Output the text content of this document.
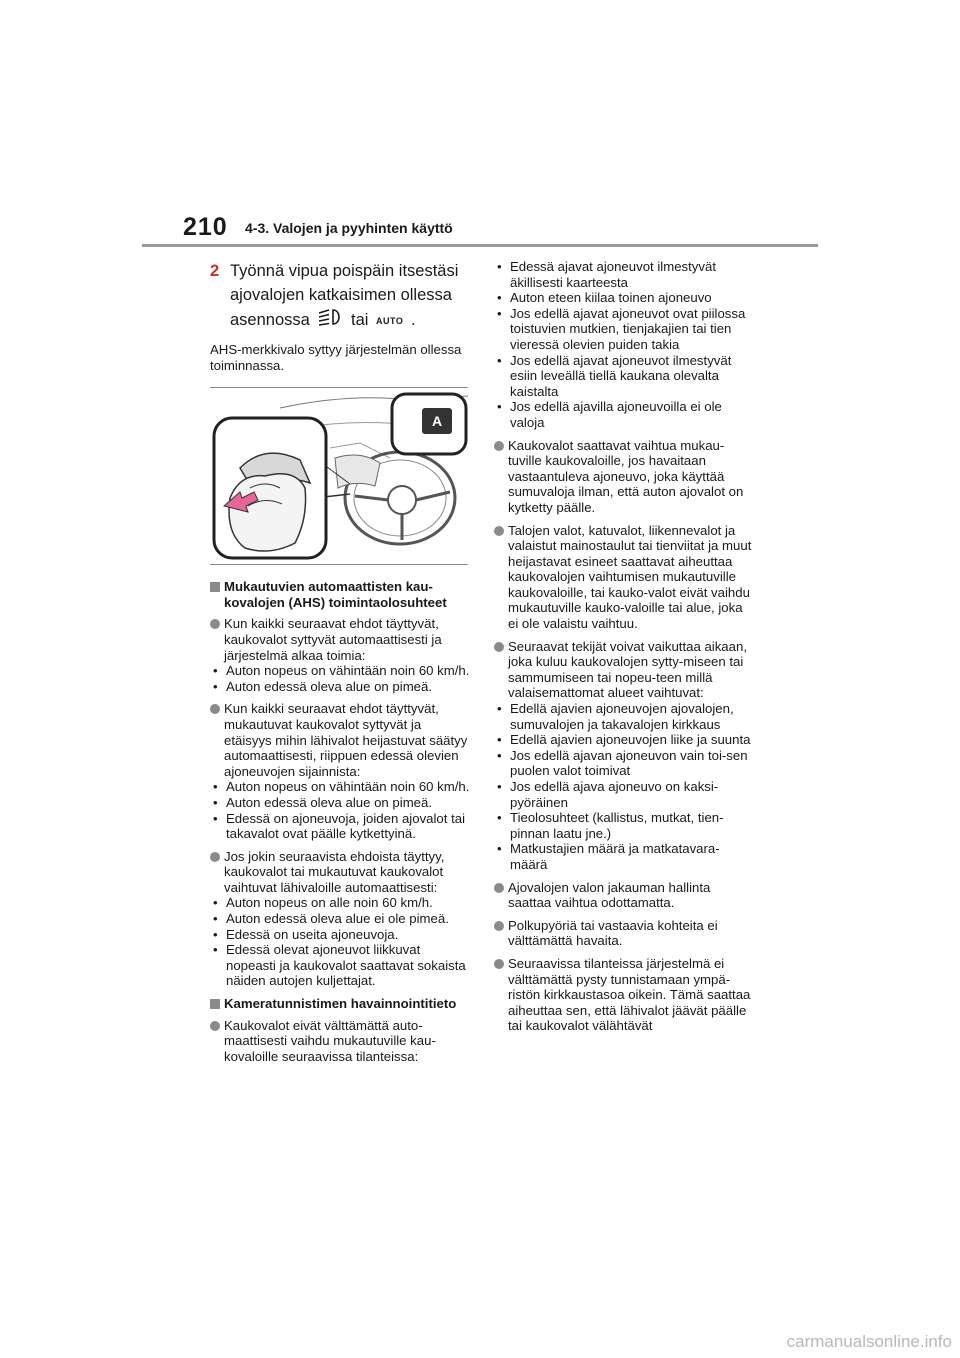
210 4-3. Valojen ja pyyhinten käyttö
2 Työnnä vipua poispäin itsestäsi
ajovalojen katkaisimen ollessa
asennossa tai AUTO .
AHS-merkkivalo syttyy järjestelmän ollessa toiminnassa.
A
Mukautuvien automaattisten kau-kovalojen (AHS) toimintaolosuhteet
Kun kaikki seuraavat ehdot täyttyvät, kaukovalot syttyvät automaattisesti ja järjestelmä alkaa toimia:
• Auton nopeus on vähintään noin 60 km/h.
• Auton edessä oleva alue on pimeä.
Kun kaikki seuraavat ehdot täyttyvät, mukautuvat kaukovalot syttyvät ja etäisyys mihin lähivalot heijastuvat säätyy automaattisesti, riippuen edessä olevien ajoneuvojen sijainnista:
• Auton nopeus on vähintään noin 60 km/h.
• Auton edessä oleva alue on pimeä.
• Edessä on ajoneuvoja, joiden ajovalot tai takavalot ovat päälle kytkettyinä.
Jos jokin seuraavista ehdoista täyttyy, kaukovalot tai mukautuvat kaukovalot vaihtuvat lähivaloille automaattisesti:
• Auton nopeus on alle noin 60 km/h.
• Auton edessä oleva alue ei ole pimeä.
• Edessä on useita ajoneuvoja.
• Edessä olevat ajoneuvot liikkuvat nopeasti ja kaukovalot saattavat sokaista näiden autojen kuljettajat.
Kameratunnistimen havainnointitieto
Kaukovalot eivät välttämättä auto-maattisesti vaihdu mukautuville kau-kovaloille seuraavissa tilanteissa:
• Edessä ajavat ajoneuvot ilmestyvät äkillisesti kaarteesta
• Auton eteen kiilaa toinen ajoneuvo
• Jos edellä ajavat ajoneuvot ovat piilossa toistuvien mutkien, tienjakajien tai tien vieressä olevien puiden takia
• Jos edellä ajavat ajoneuvot ilmestyvät esiin leveällä tiellä kaukana olevalta kaistalta
• Jos edellä ajavilla ajoneuvoilla ei ole valoja
Kaukovalot saattavat vaihtua mukau-tuville kaukovaloille, jos havaitaan vastaantuleva ajoneuvo, joka käyttää sumuvaloja ilman, että auton ajovalot on kytketty päälle.
Talojen valot, katuvalot, liikennevalot ja valaistut mainostaulut tai tienviitat ja muut heijastavat esineet saattavat aiheuttaa kaukovalojen vaihtumisen mukautuville kaukovaloille, tai kauko-valot eivät vaihdu mukautuville kauko-valoille tai alue, joka ei ole valaistu vaihtuu.
Seuraavat tekijät voivat vaikuttaa aikaan, joka kuluu kaukovalojen sytty-miseen tai sammumiseen tai nopeu-teen millä valaisemattomat alueet vaihtuvat:
• Edellä ajavien ajoneuvojen ajovalojen, sumuvalojen ja takavalojen kirkkaus
• Edellä ajavien ajoneuvojen liike ja suunta
• Jos edellä ajavan ajoneuvon vain toi-sen puolen valot toimivat
• Jos edellä ajava ajoneuvo on kaksi-pyöräinen
• Tieolosuhteet (kallistus, mutkat, tien-pinnan laatu jne.)
• Matkustajien määrä ja matkatavara-määrä
Ajovalojen valon jakauman hallinta saattaa vaihtua odottamatta.
Polkupyöriä tai vastaavia kohteita ei välttämättä havaita.
Seuraavissa tilanteissa järjestelmä ei välttämättä pysty tunnistamaan ympä-ristön kirkkaustasoa oikein. Tämä saattaa aiheuttaa sen, että lähivalot jäävät päälle tai kaukovalot välähtävät
carmanualsonline.info
